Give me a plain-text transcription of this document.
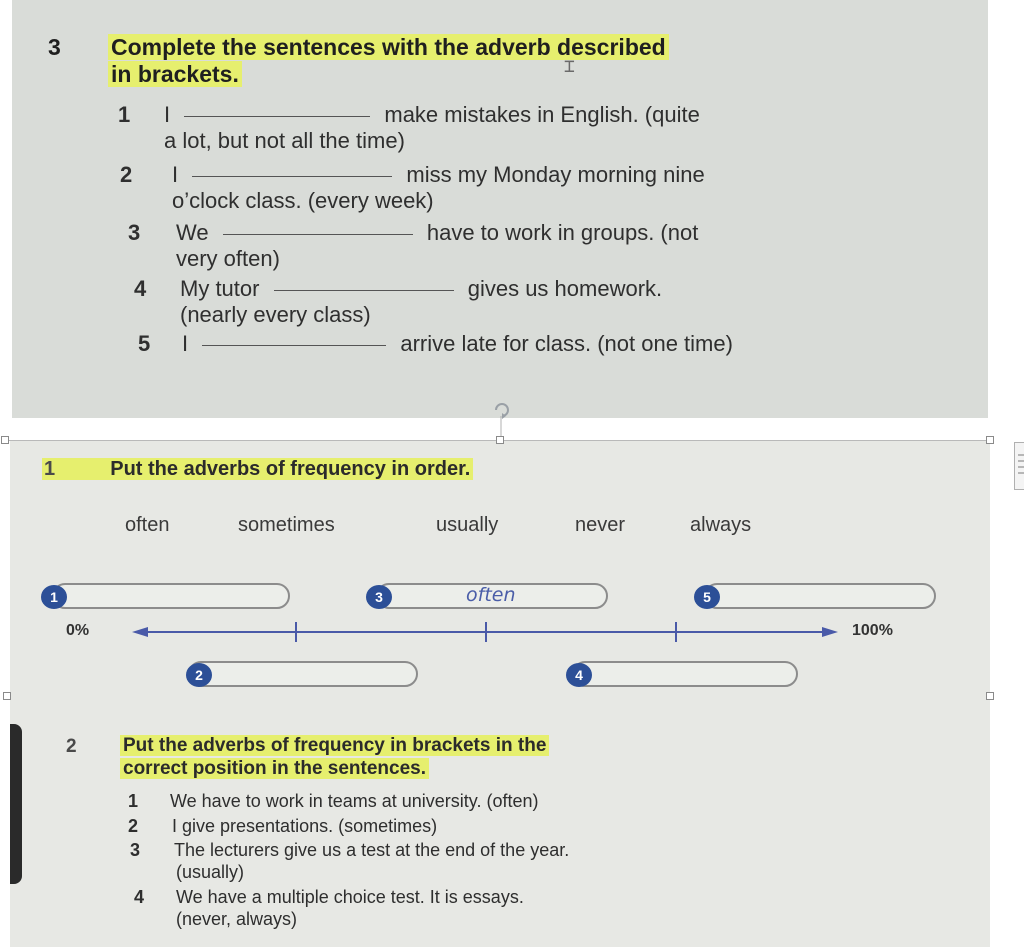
3 Complete the sentences with the adverb described
in brackets.	⌶
1 I	make mistakes in English. (quite
a lot, but not all the time)
2 I	miss my Monday morning nine
o’clock class. (every week)
3 We	have to work in groups. (not
very often)
4 My tutor	gives us homework.
(nearly every class)
5 I	arrive late for class. (not one time)
1	Put the adverbs of frequency in order.
often	sometimes	usually	never	always
1	often
3	5
0%	100%
2	4
2 Put the adverbs of frequency in brackets in the
correct position in the sentences.
1 We have to work in teams at university. (often)
2 I give presentations. (sometimes)
3 The lecturers give us a test at the end of the year.
(usually)
4 We have a multiple choice test. It is essays.
(never, always)
